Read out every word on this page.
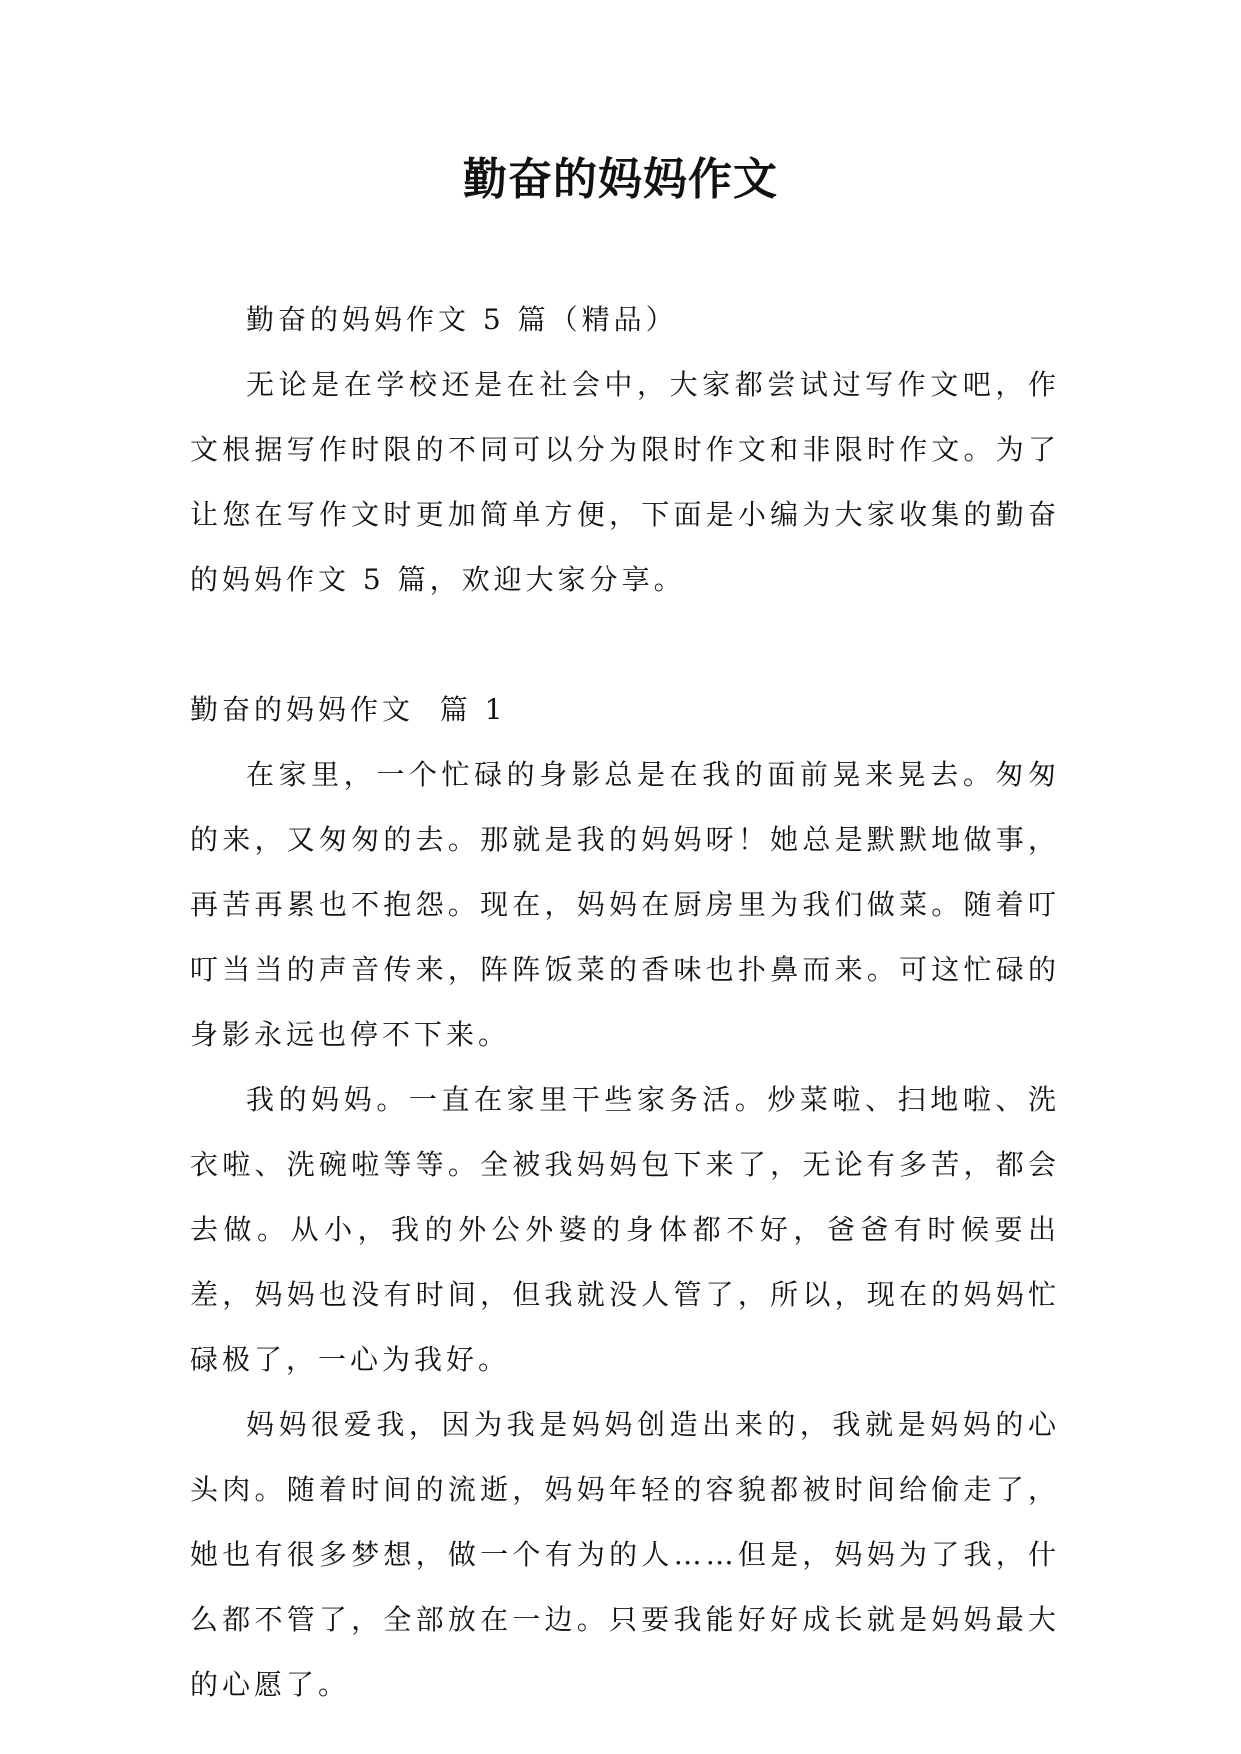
勤奋的妈妈作文

勤奋的妈妈作文 5 篇（精品）

无论是在学校还是在社会中，大家都尝试过写作文吧，作文根据写作时限的不同可以分为限时作文和非限时作文。为了让您在写作文时更加简单方便，下面是小编为大家收集的勤奋的妈妈作文 5 篇，欢迎大家分享。

勤奋的妈妈作文  篇 1

在家里，一个忙碌的身影总是在我的面前晃来晃去。匆匆的来，又匆匆的去。那就是我的妈妈呀！她总是默默地做事，再苦再累也不抱怨。现在，妈妈在厨房里为我们做菜。随着叮叮当当的声音传来，阵阵饭菜的香味也扑鼻而来。可这忙碌的身影永远也停不下来。

我的妈妈。一直在家里干些家务活。炒菜啦、扫地啦、洗衣啦、洗碗啦等等。全被我妈妈包下来了，无论有多苦，都会去做。从小，我的外公外婆的身体都不好，爸爸有时候要出差，妈妈也没有时间，但我就没人管了，所以，现在的妈妈忙碌极了，一心为我好。

妈妈很爱我，因为我是妈妈创造出来的，我就是妈妈的心头肉。随着时间的流逝，妈妈年轻的容貌都被时间给偷走了，她也有很多梦想，做一个有为的人……但是，妈妈为了我，什么都不管了，全部放在一边。只要我能好好成长就是妈妈最大的心愿了。
